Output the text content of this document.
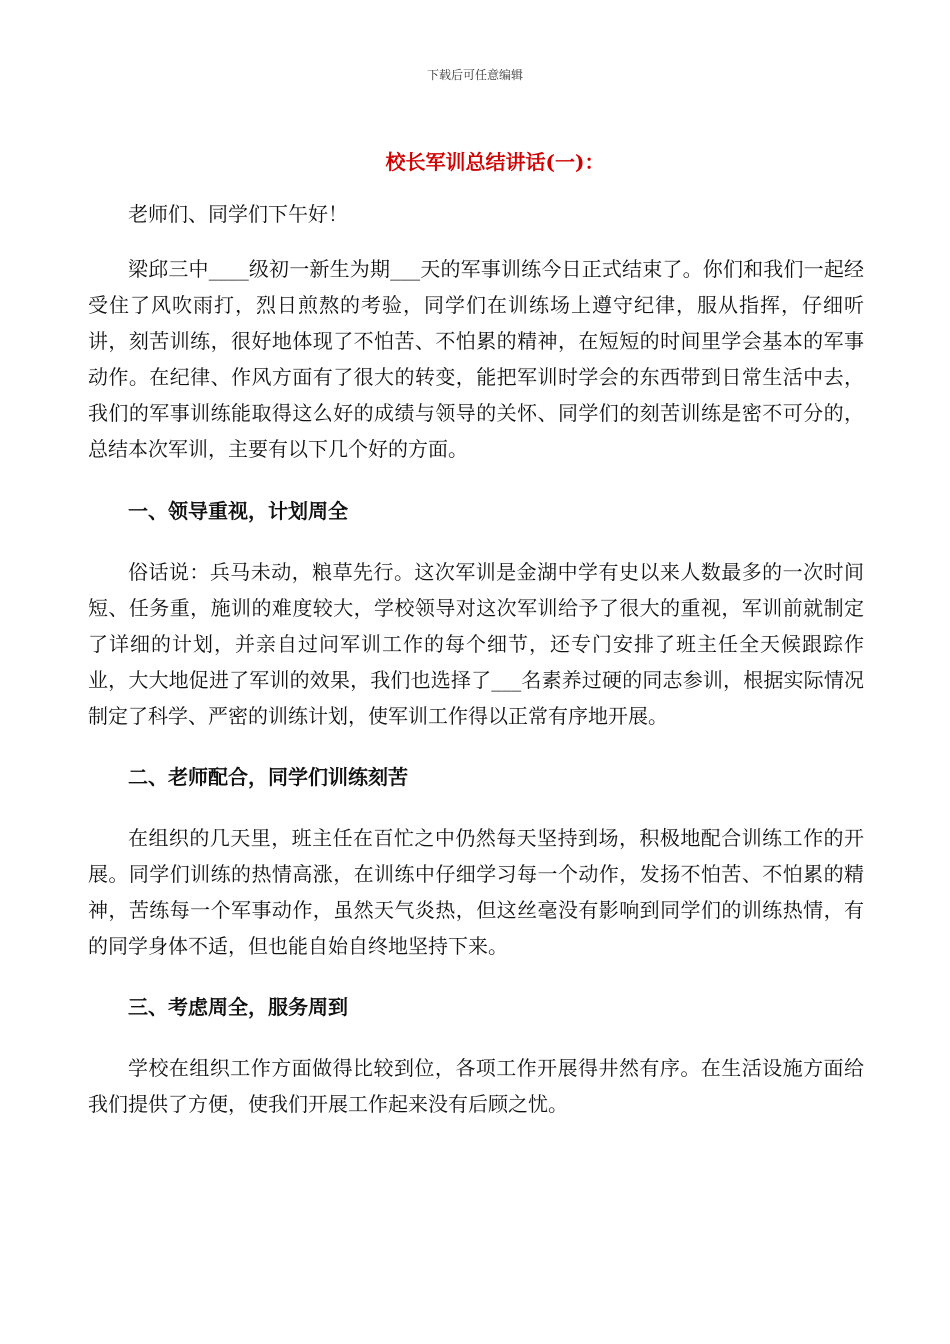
下载后可任意编辑
校长军训总结讲话(一)：

老师们、同学们下午好！

梁邱三中____级初一新生为期___天的军事训练今日正式结束了。你们和我们一起经受住了风吹雨打，烈日煎熬的考验，同学们在训练场上遵守纪律，服从指挥，仔细听讲，刻苦训练，很好地体现了不怕苦、不怕累的精神，在短短的时间里学会基本的军事动作。在纪律、作风方面有了很大的转变，能把军训时学会的东西带到日常生活中去，我们的军事训练能取得这么好的成绩与领导的关怀、同学们的刻苦训练是密不可分的，总结本次军训，主要有以下几个好的方面。

一、领导重视，计划周全

俗话说：兵马未动，粮草先行。这次军训是金湖中学有史以来人数最多的一次时间短、任务重，施训的难度较大，学校领导对这次军训给予了很大的重视，军训前就制定了详细的计划，并亲自过问军训工作的每个细节，还专门安排了班主任全天候跟踪作业，大大地促进了军训的效果，我们也选择了___名素养过硬的同志参训，根据实际情况制定了科学、严密的训练计划，使军训工作得以正常有序地开展。

二、老师配合，同学们训练刻苦

在组织的几天里，班主任在百忙之中仍然每天坚持到场，积极地配合训练工作的开展。同学们训练的热情高涨，在训练中仔细学习每一个动作，发扬不怕苦、不怕累的精神，苦练每一个军事动作，虽然天气炎热，但这丝毫没有影响到同学们的训练热情，有的同学身体不适，但也能自始自终地坚持下来。

三、考虑周全，服务周到

学校在组织工作方面做得比较到位，各项工作开展得井然有序。在生活设施方面给我们提供了方便，使我们开展工作起来没有后顾之忧。
